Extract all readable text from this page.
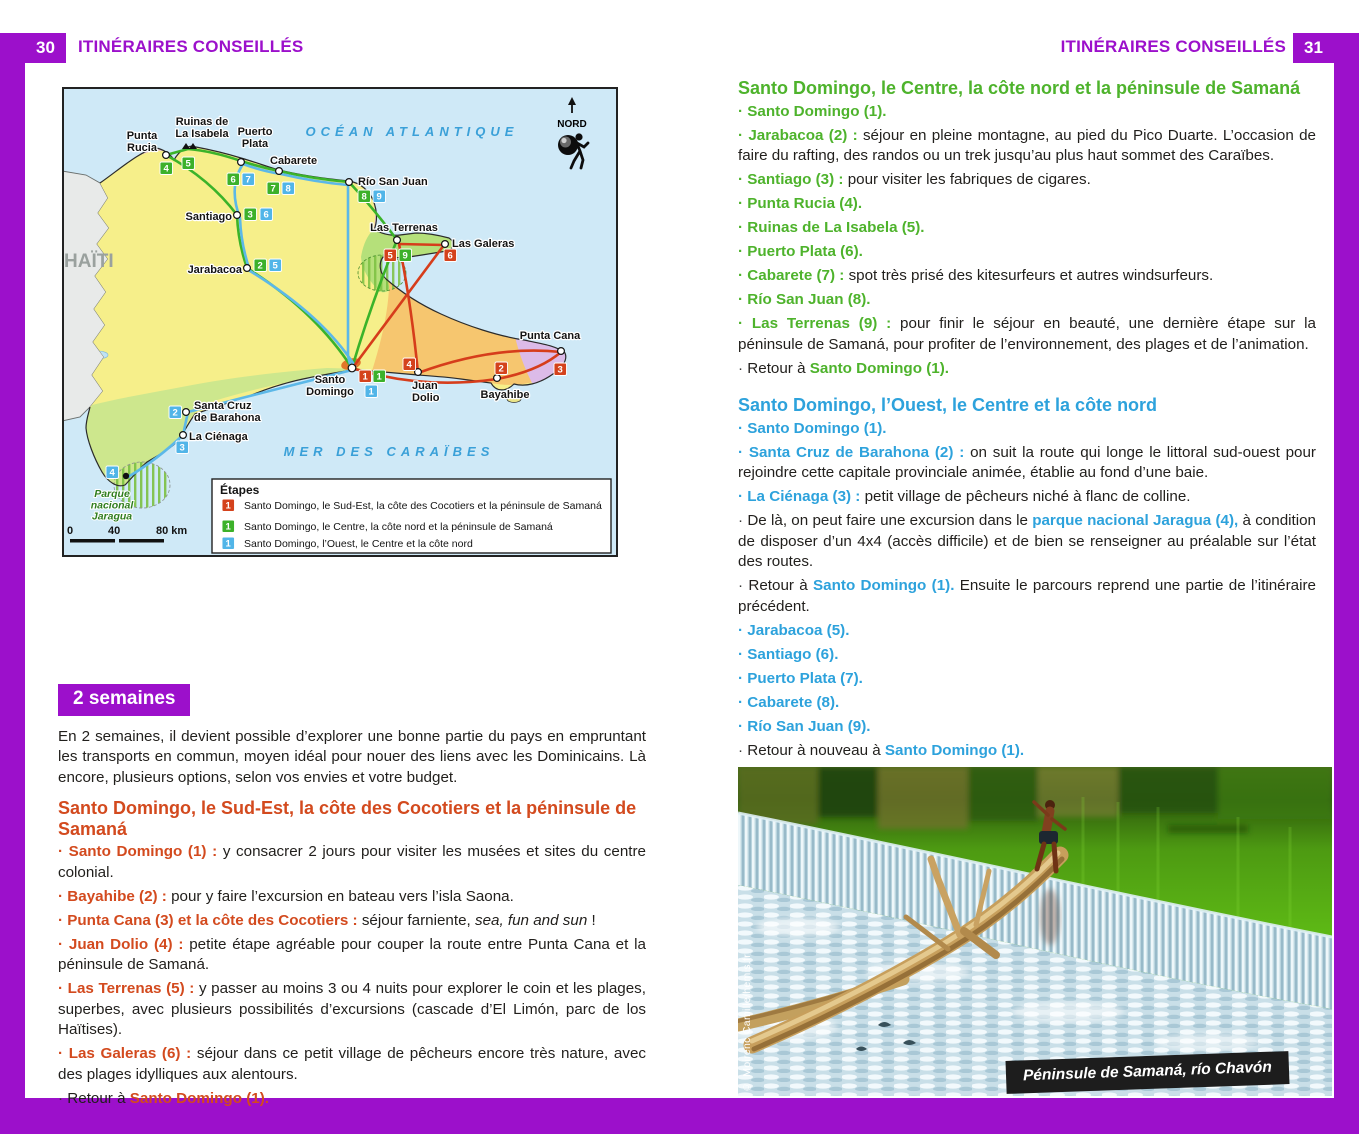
30	31
ITINÉRAIRES CONSEILLÉS	ITINÉRAIRES CONSEILLÉS
4 5
6 7
7 8
8 9
3 6
2 5
5 9	6
1 1
1
4	2	3
2
3
4
Punta Rucia
Ruinas de La Isabela Puerto Plata
Cabarete
Río San Juan
Santiago
Jarabacoa
Las Terrenas
Las Galeras
Santo Domingo	Juan Dolio	Bayahibe
Punta Cana
Santa Cruz de Barahona
La Ciénaga
Parque nacional Jaragua
OCÉAN ATLANTIQUE
MER DES CARAÏBES
HAÏTI
NORD
0	40	80 km
Étapes
1 Santo Domingo, le Sud-Est, la côte des Cocotiers et la péninsule de Samaná
1 Santo Domingo, le Centre, la côte nord et la péninsule de Samaná
1 Santo Domingo, l’Ouest, le Centre et la côte nord
2 semaines

En 2 semaines, il devient possible d’explorer une bonne partie du pays en empruntant les transports en commun, moyen idéal pour nouer des liens avec les Dominicains. Là encore, plusieurs options, selon vos envies et votre budget.

Santo Domingo, le Sud-Est, la côte des Cocotiers et la péninsule de Samaná

· Santo Domingo (1) : y consacrer 2 jours pour visiter les musées et sites du centre colonial.

· Bayahibe (2) : pour y faire l’excursion en bateau vers l’isla Saona.

· Punta Cana (3) et la côte des Cocotiers : séjour farniente, sea, fun and sun !

· Juan Dolio (4) : petite étape agréable pour couper la route entre Punta Cana et la péninsule de Samaná.

· Las Terrenas (5) : y passer au moins 3 ou 4 nuits pour explorer le coin et les plages, superbes, avec plusieurs possibilités d’excursions (cascade d’El Limón, parc de los Haïtises).

· Las Galeras (6) : séjour dans ce petit village de pêcheurs encore très nature, avec des plages idylliques aux alentours.

· Retour à Santo Domingo (1).

Santo Domingo, le Centre, la côte nord et la péninsule de Samaná

· Santo Domingo (1).

· Jarabacoa (2) : séjour en pleine montagne, au pied du Pico Duarte. L’occasion de faire du rafting, des randos ou un trek jusqu’au plus haut sommet des Caraïbes.

· Santiago (3) : pour visiter les fabriques de cigares.

· Punta Rucia (4).

· Ruinas de La Isabela (5).

· Puerto Plata (6).

· Cabarete (7) : spot très prisé des kitesurfeurs et autres windsurfeurs.

· Río San Juan (8).

· Las Terrenas (9) : pour finir le séjour en beauté, une dernière étape sur la péninsule de Samaná, pour profiter de l’environnement, des plages et de l’animation.

· Retour à Santo Domingo (1).

Santo Domingo, l’Ouest, le Centre et la côte nord

· Santo Domingo (1).

· Santa Cruz de Barahona (2) : on suit la route qui longe le littoral sud-ouest pour rejoindre cette capitale provinciale animée, établie au fond d’une baie.

· La Ciénaga (3) : petit village de pêcheurs niché à flanc de colline.

· De là, on peut faire une excursion dans le parque nacional Jaragua (4), à condition de disposer d’un 4x4 (accès difficile) et de bien se renseigner au préalable sur l’état des routes.

· Retour à Santo Domingo (1). Ensuite le parcours reprend une partie de l’itinéraire précédent.

· Jarabacoa (5).

· Santiago (6).

· Puerto Plata (7).

· Cabarete (8).

· Río San Juan (9).

· Retour à nouveau à Santo Domingo (1).

© Moirenc Camille/hemis.fr	Péninsule de Samaná, río Chavón
